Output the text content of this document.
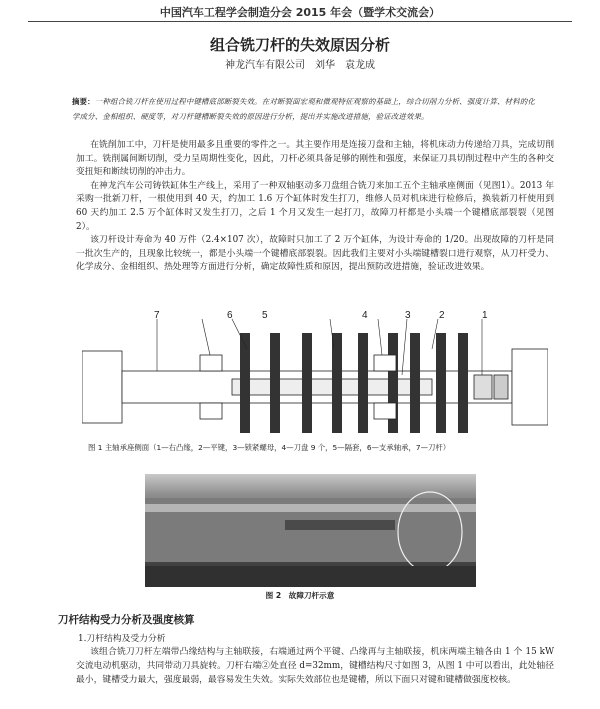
中国汽车工程学会制造分会 2015 年会（暨学术交流会）
组合铣刀杆的失效原因分析
神龙汽车有限公司　刘华　袁龙成
摘要：一种组合铣刀杆在使用过程中键槽底部断裂失效。在对断裂面宏观和微观特征观察的基础上，综合切削力分析、强度计算、材料的化学成分、金相组织、硬度等，对刀杆键槽断裂失效的原因进行分析，提出并实施改进措施，验证改进效果。

在铣削加工中，刀杆是使用最多且重要的零件之一。其主要作用是连接刀盘和主轴，将机床动力传递给刀具，完成切削加工。铣削属间断切削，受力呈周期性变化，因此，刀杆必须具备足够的刚性和强度，来保证刀具切削过程中产生的各种交变扭矩和断续切削的冲击力。

在神龙汽车公司铸铁缸体生产线上，采用了一种双轴驱动多刀盘组合铣刀来加工五个主轴承座侧面（见图1）。2013 年采购一批新刀杆，一根使用到 40 天，约加工 1.6 万个缸体时发生打刀，维修人员对机床进行检修后，换装新刀杆使用到 60 天约加工 2.5 万个缸体时又发生打刀，之后 1 个月又发生一起打刀，故障刀杆都是小头端一个键槽底部裂裂（见图 2）。

该刀杆设计寿命为 40 万件（2.4×107 次），故障时只加工了 2 万个缸体，为设计寿命的 1/20。出现故障的刀杆是同一批次生产的，且现象比较统一，都是小头端一个键槽底部裂裂。因此我们主要对小头端键槽裂口进行观察，从刀杆受力、化学成分、金相组织、热处理等方面进行分析，确定故障性质和原因，提出预防改进措施，验证改进效果。

7	6	5	4	3	2	1
图 1 主轴承座侧面（1—右凸缘，2—平键，3—锁紧螺母，4—刀盘 9 个，5—隔套，6—支承轴承，7—刀杆）
图 2　故障刀杆示意
刀杆结构受力分析及强度核算
1.刀杆结构及受力分析

该组合铣刀刀杆左端带凸缘结构与主轴联接，右端通过两个平键、凸缘再与主轴联接，机床两端主轴各由 1 个 15 kW 交流电动机驱动，共同带动刀具旋转。刀杆右端②处直径 d=32mm，键槽结构尺寸如图 3，从图 1 中可以看出，此处轴径最小，键槽受力最大，强度最弱，最容易发生失效。实际失效部位也是键槽，所以下面只对键和键槽做强度校核。
